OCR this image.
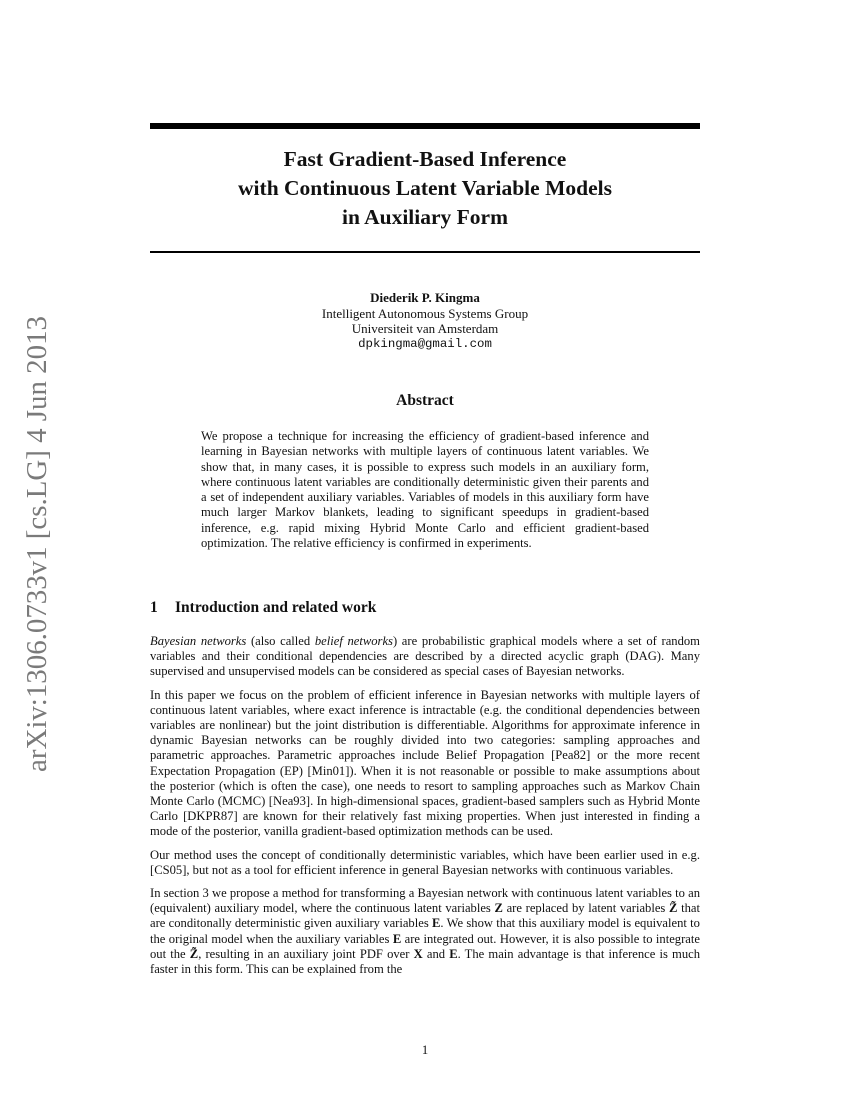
arXiv:1306.0733v1 [cs.LG] 4 Jun 2013
Fast Gradient-Based Inference
with Continuous Latent Variable Models
in Auxiliary Form
Diederik P. Kingma
Intelligent Autonomous Systems Group
Universiteit van Amsterdam
dpkingma@gmail.com
Abstract
We propose a technique for increasing the efficiency of gradient-based inference and learning in Bayesian networks with multiple layers of continuous latent variables. We show that, in many cases, it is possible to express such models in an auxiliary form, where continuous latent variables are conditionally deterministic given their parents and a set of independent auxiliary variables. Variables of models in this auxiliary form have much larger Markov blankets, leading to significant speedups in gradient-based inference, e.g. rapid mixing Hybrid Monte Carlo and efficient gradient-based optimization. The relative efficiency is confirmed in experiments.
1 Introduction and related work

Bayesian networks (also called belief networks) are probabilistic graphical models where a set of random variables and their conditional dependencies are described by a directed acyclic graph (DAG). Many supervised and unsupervised models can be considered as special cases of Bayesian networks.

In this paper we focus on the problem of efficient inference in Bayesian networks with multiple layers of continuous latent variables, where exact inference is intractable (e.g. the conditional dependencies between variables are nonlinear) but the joint distribution is differentiable. Algorithms for approximate inference in dynamic Bayesian networks can be roughly divided into two categories: sampling approaches and parametric approaches. Parametric approaches include Belief Propagation [Pea82] or the more recent Expectation Propagation (EP) [Min01]). When it is not reasonable or possible to make assumptions about the posterior (which is often the case), one needs to resort to sampling approaches such as Markov Chain Monte Carlo (MCMC) [Nea93]. In high-dimensional spaces, gradient-based samplers such as Hybrid Monte Carlo [DKPR87] are known for their relatively fast mixing properties. When just interested in finding a mode of the posterior, vanilla gradient-based optimization methods can be used.

Our method uses the concept of conditionally deterministic variables, which have been earlier used in e.g. [CS05], but not as a tool for efficient inference in general Bayesian networks with continuous variables.

In section 3 we propose a method for transforming a Bayesian network with continuous latent variables to an (equivalent) auxiliary model, where the continuous latent variables Z are replaced by latent variables Z̃ that are conditonally deterministic given auxiliary variables E. We show that this auxiliary model is equivalent to the original model when the auxiliary variables E are integrated out. However, it is also possible to integrate out the Z̃, resulting in an auxiliary joint PDF over X and E. The main advantage is that inference is much faster in this form. This can be explained from the

1
